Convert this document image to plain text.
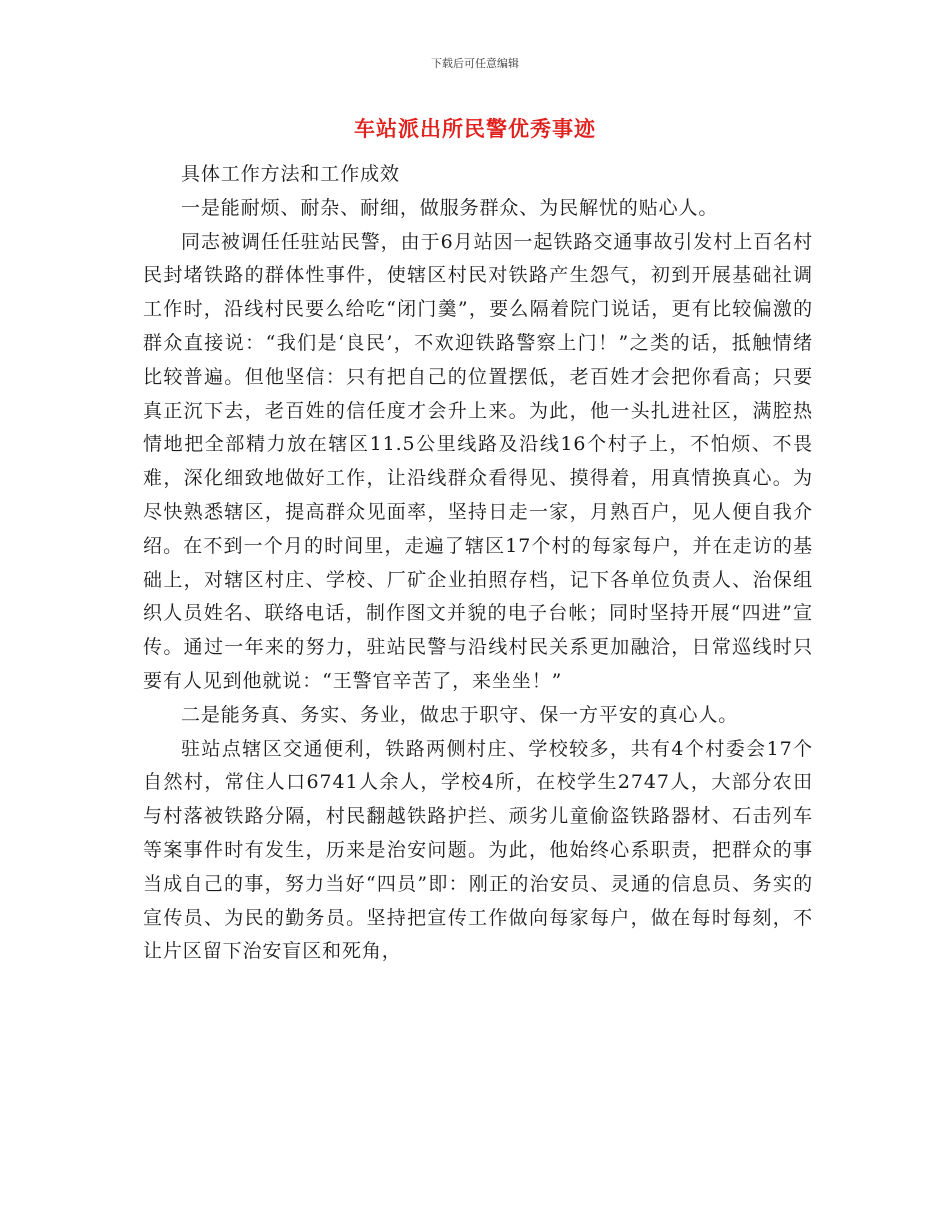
下载后可任意编辑
车站派出所民警优秀事迹

具体工作方法和工作成效

一是能耐烦、耐杂、耐细，做服务群众、为民解忧的贴心人。

同志被调任任驻站民警，由于6月站因一起铁路交通事故引发村上百名村民封堵铁路的群体性事件，使辖区村民对铁路产生怨气，初到开展基础社调工作时，沿线村民要么给吃“闭门羹”，要么隔着院门说话，更有比较偏激的群众直接说：“我们是‘良民’，不欢迎铁路警察上门！”之类的话，抵触情绪比较普遍。但他坚信：只有把自己的位置摆低，老百姓才会把你看高；只要真正沉下去，老百姓的信任度才会升上来。为此，他一头扎进社区，满腔热情地把全部精力放在辖区11.5公里线路及沿线16个村子上，不怕烦、不畏难，深化细致地做好工作，让沿线群众看得见、摸得着，用真情换真心。为尽快熟悉辖区，提高群众见面率，坚持日走一家，月熟百户，见人便自我介绍。在不到一个月的时间里，走遍了辖区17个村的每家每户，并在走访的基础上，对辖区村庄、学校、厂矿企业拍照存档，记下各单位负责人、治保组织人员姓名、联络电话，制作图文并貌的电子台帐；同时坚持开展“四进”宣传。通过一年来的努力，驻站民警与沿线村民关系更加融洽，日常巡线时只要有人见到他就说：“王警官辛苦了，来坐坐！”

二是能务真、务实、务业，做忠于职守、保一方平安的真心人。

驻站点辖区交通便利，铁路两侧村庄、学校较多，共有4个村委会17个自然村，常住人口6741人余人，学校4所，在校学生2747人，大部分农田与村落被铁路分隔，村民翻越铁路护拦、顽劣儿童偷盗铁路器材、石击列车等案事件时有发生，历来是治安问题。为此，他始终心系职责，把群众的事当成自己的事，努力当好“四员”即：刚正的治安员、灵通的信息员、务实的宣传员、为民的勤务员。坚持把宣传工作做向每家每户，做在每时每刻，不让片区留下治安盲区和死角，
